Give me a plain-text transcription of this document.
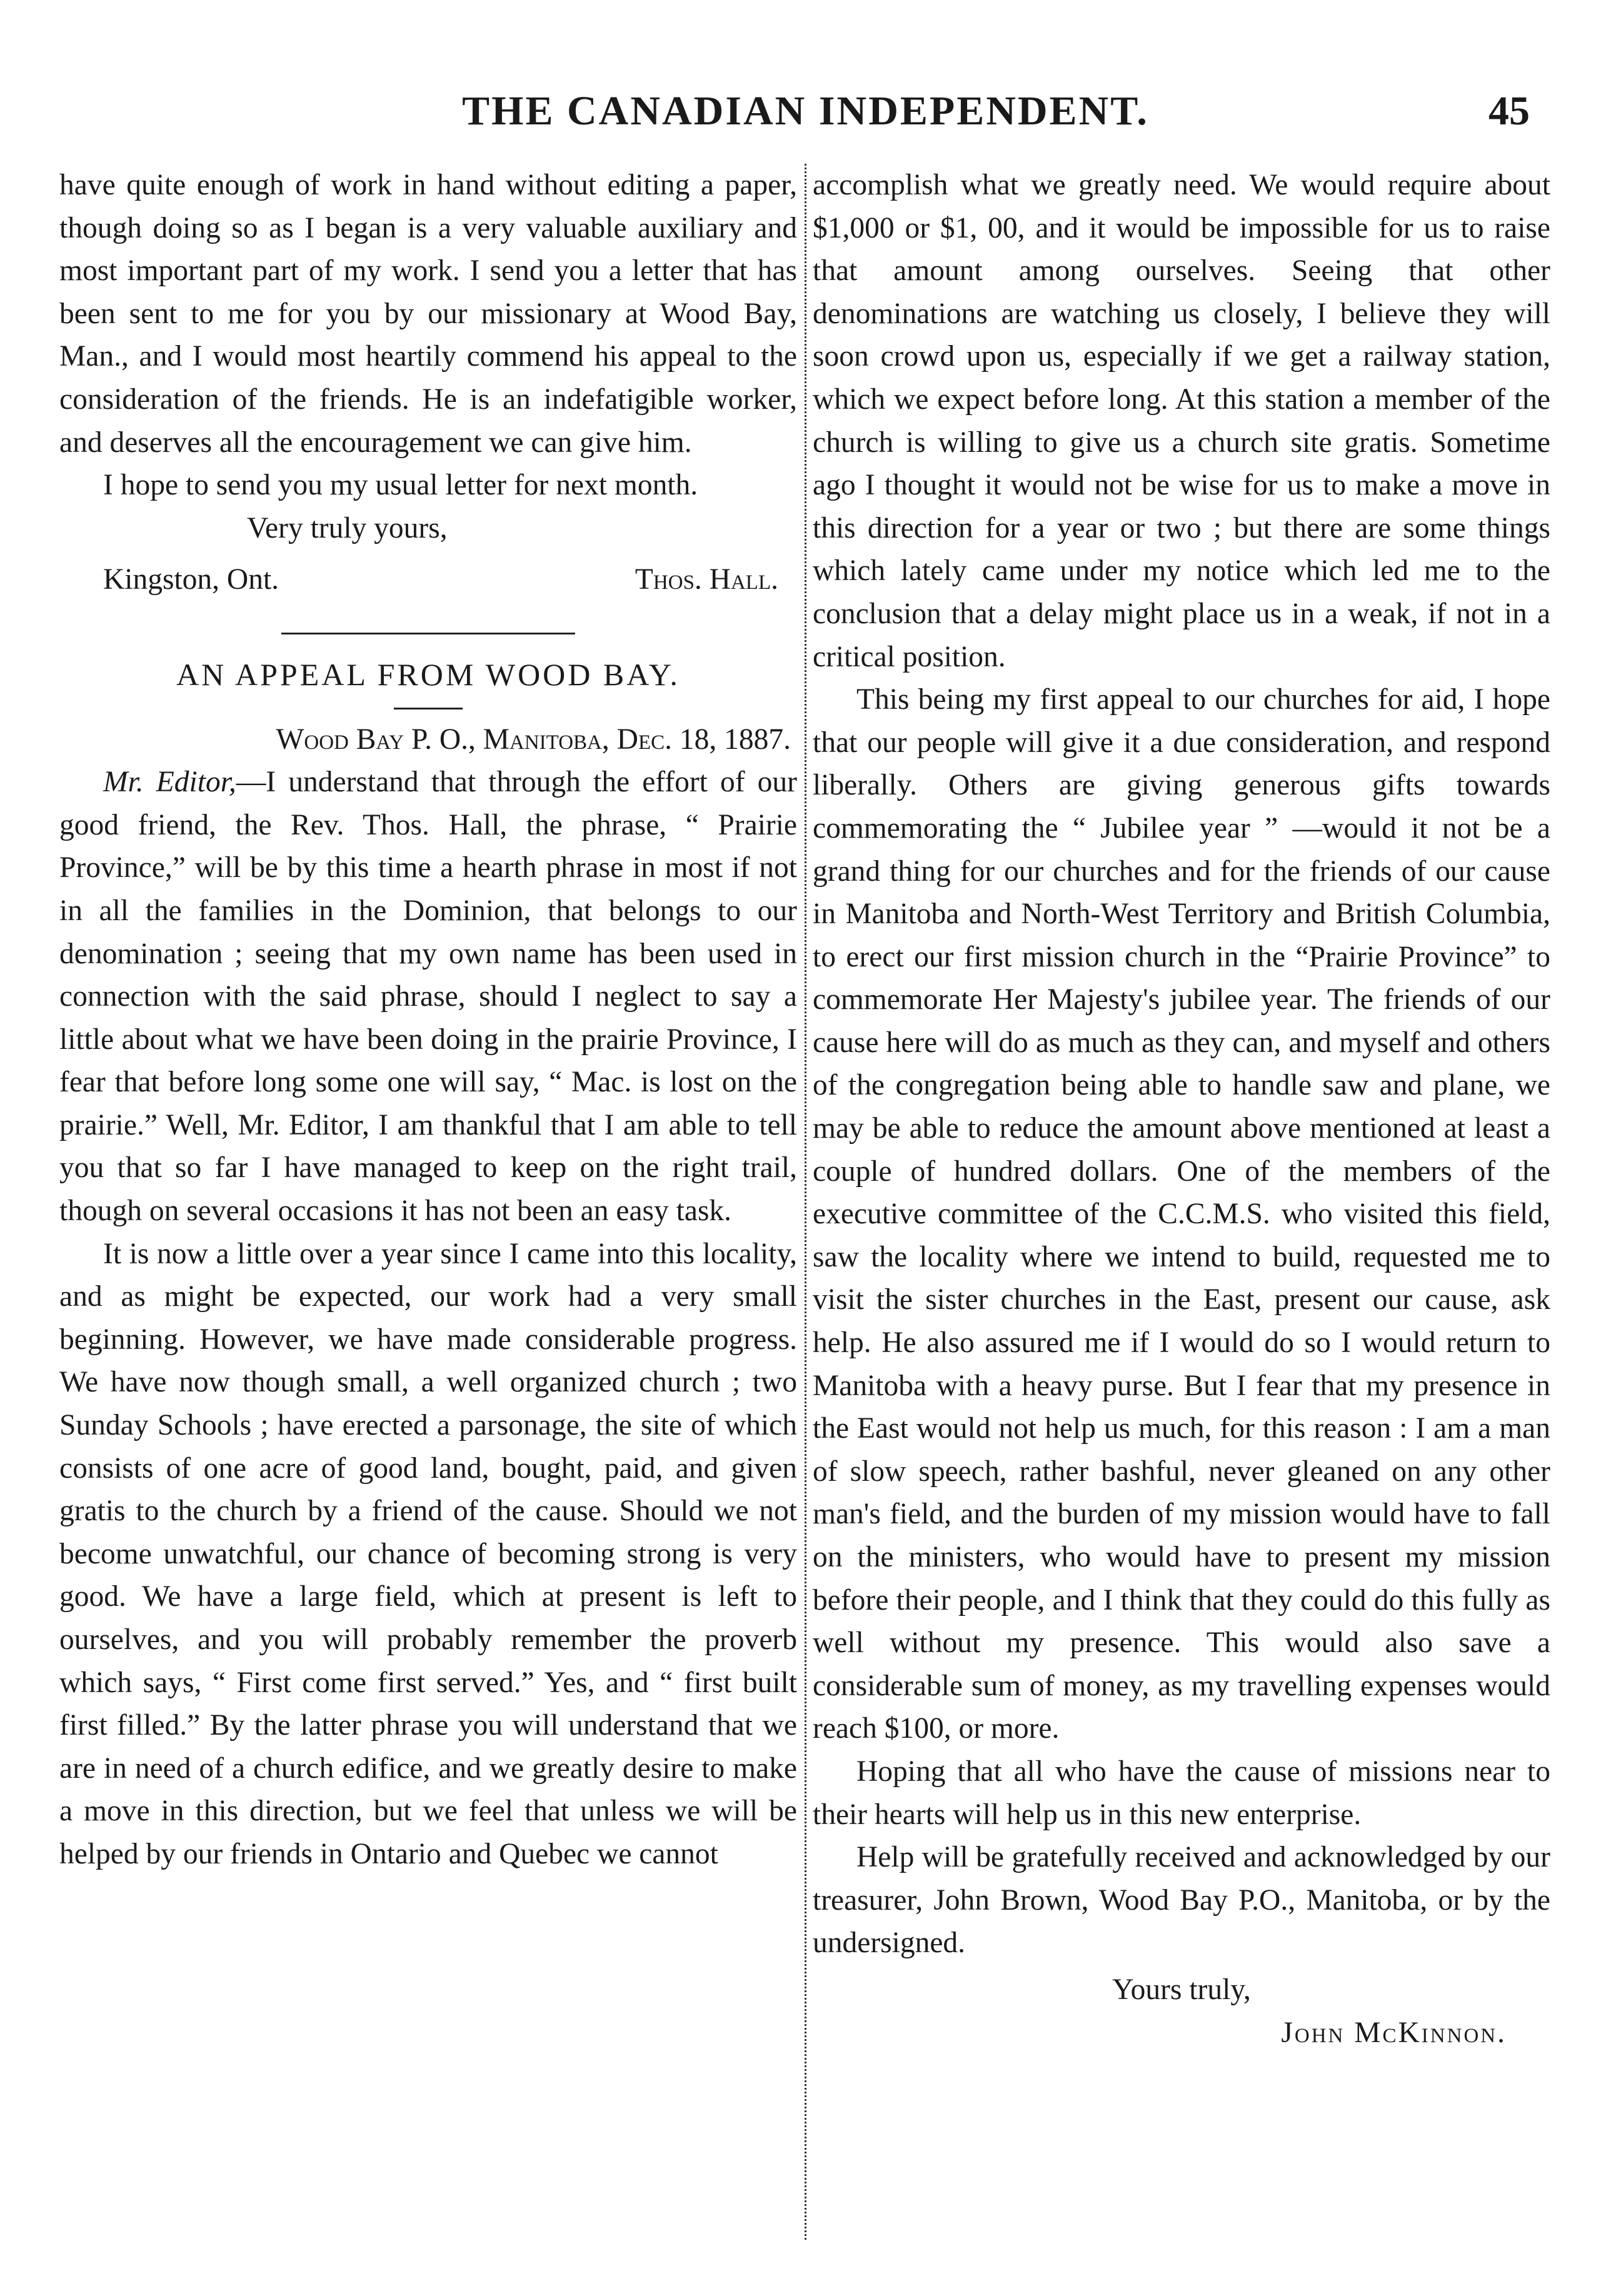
THE CANADIAN INDEPENDENT.	45

have quite enough of work in hand without editing a paper, though doing so as I began is a very valuable auxiliary and most important part of my work. I send you a letter that has been sent to me for you by our missionary at Wood Bay, Man., and I would most heartily commend his appeal to the consideration of the friends. He is an indefatigible worker, and deserves all the encouragement we can give him.

I hope to send you my usual letter for next month.

Very truly yours,
Kingston, Ont.	Thos. Hall.
AN APPEAL FROM WOOD BAY.
Wood Bay P. O., Manitoba, Dec. 18, 1887.

Mr. Editor,—I understand that through the effort of our good friend, the Rev. Thos. Hall, the phrase, “ Prairie Province,” will be by this time a hearth phrase in most if not in all the families in the Dominion, that belongs to our denomination ; seeing that my own name has been used in connection with the said phrase, should I neglect to say a little about what we have been doing in the prairie Province, I fear that before long some one will say, “ Mac. is lost on the prairie.” Well, Mr. Editor, I am thankful that I am able to tell you that so far I have managed to keep on the right trail, though on several occasions it has not been an easy task.

It is now a little over a year since I came into this locality, and as might be expected, our work had a very small beginning. However, we have made considerable progress. We have now though small, a well organized church ; two Sunday Schools ; have erected a parsonage, the site of which consists of one acre of good land, bought, paid, and given gratis to the church by a friend of the cause. Should we not become unwatchful, our chance of becoming strong is very good. We have a large field, which at present is left to ourselves, and you will probably remember the proverb which says, “ First come first served.” Yes, and “ first built first filled.” By the latter phrase you will understand that we are in need of a church edifice, and we greatly desire to make a move in this direction, but we feel that unless we will be helped by our friends in Ontario and Quebec we cannot

accomplish what we greatly need. We would require about $1,000 or $1, 00, and it would be impossible for us to raise that amount among ourselves. Seeing that other denominations are watching us closely, I believe they will soon crowd upon us, especially if we get a railway station, which we expect before long. At this station a member of the church is willing to give us a church site gratis. Sometime ago I thought it would not be wise for us to make a move in this direction for a year or two ; but there are some things which lately came under my notice which led me to the conclusion that a delay might place us in a weak, if not in a critical position.

This being my first appeal to our churches for aid, I hope that our people will give it a due consideration, and respond liberally. Others are giving generous gifts towards commemorating the “ Jubilee year ” —would it not be a grand thing for our churches and for the friends of our cause in Manitoba and North-West Territory and British Columbia, to erect our first mission church in the “Prairie Province” to commemorate Her Majesty's jubilee year. The friends of our cause here will do as much as they can, and myself and others of the congregation being able to handle saw and plane, we may be able to reduce the amount above mentioned at least a couple of hundred dollars. One of the members of the executive committee of the C.C.M.S. who visited this field, saw the locality where we intend to build, requested me to visit the sister churches in the East, present our cause, ask help. He also assured me if I would do so I would return to Manitoba with a heavy purse. But I fear that my presence in the East would not help us much, for this reason : I am a man of slow speech, rather bashful, never gleaned on any other man's field, and the burden of my mission would have to fall on the ministers, who would have to present my mission before their people, and I think that they could do this fully as well without my presence. This would also save a considerable sum of money, as my travelling expenses would reach $100, or more.

Hoping that all who have the cause of missions near to their hearts will help us in this new enterprise.

Help will be gratefully received and acknowledged by our treasurer, John Brown, Wood Bay P.O., Manitoba, or by the undersigned.

Yours truly,
John McKinnon.
